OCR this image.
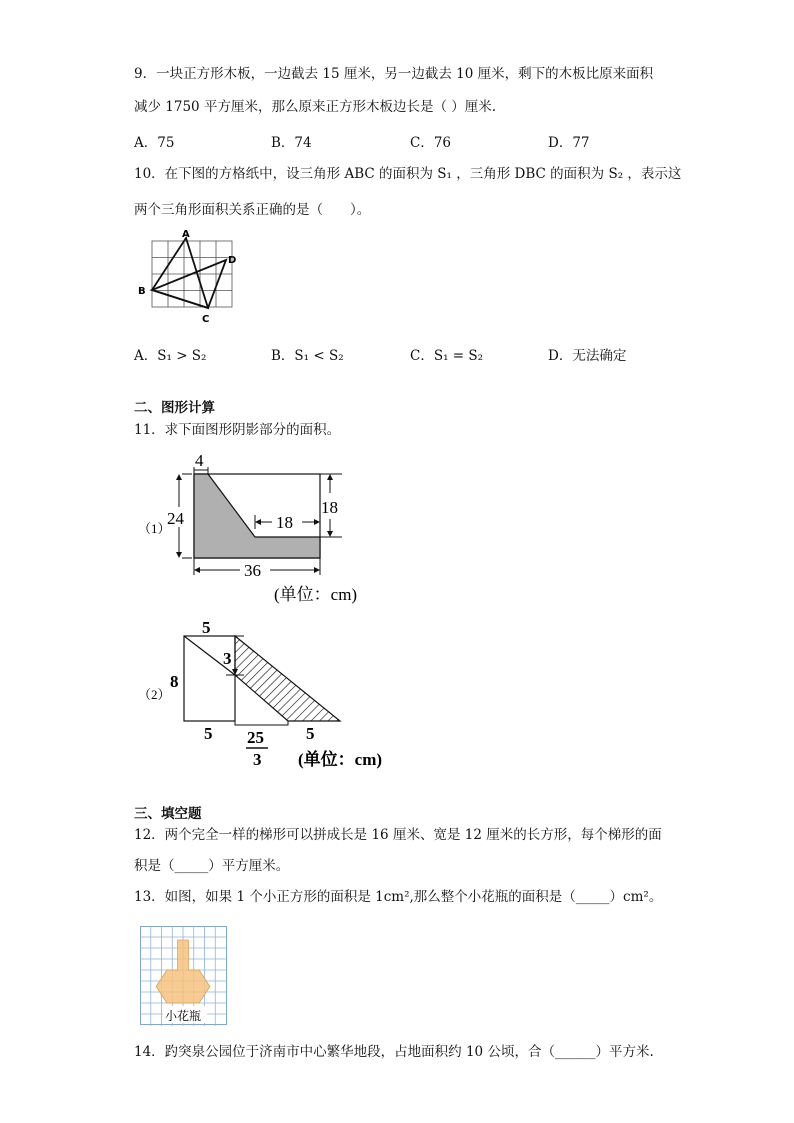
9．一块正方形木板，一边截去 15 厘米，另一边截去 10 厘米，剩下的木板比原来面积
减少 1750 平方厘米，那么原来正方形木板边长是（ ）厘米.
A．75	B．74	C．76	D．77
10．在下图的方格纸中，设三角形 ABC 的面积为 S₁ ，三角形 DBC 的面积为 S₂ ，表示这
两个三角形面积关系正确的是（　　）。
A
B
C
D
A．S₁ > S₂	B．S₁ < S₂	C．S₁ = S₂	D．无法确定
二、图形计算
11．求下面图形阴影部分的面积。
（1）
4
24	18
18
36
(单位：cm)
（2）
5
3
8
5 25
3
5
(单位：cm)
三、填空题
12．两个完全一样的梯形可以拼成长是 16 厘米、宽是 12 厘米的长方形，每个梯形的面
积是（_____）平方厘米。
13．如图，如果 1 个小正方形的面积是 1cm²,那么整个小花瓶的面积是（_____）cm²。
小花瓶
14．趵突泉公园位于济南市中心繁华地段，占地面积约 10 公顷，合（______）平方米.
